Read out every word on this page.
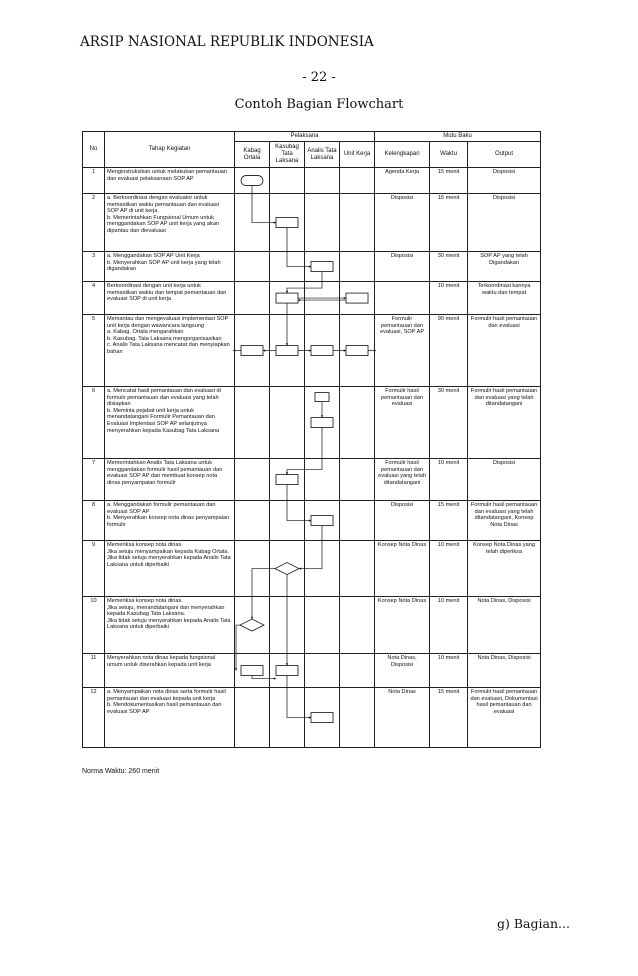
ARSIP NASIONAL REPUBLIK INDONESIA
- 22 -
Contoh Bagian Flowchart
No	Tahap Kegiatan	Pelaksana				Mutu Baku		
		Kabag Ortala	Kasubag Tata Laksana	Analis Tata Laksana	Unit Kerja	Kelengkapan	Waktu	Output
1	Menginstruksikan untuk melakukan pemantauan dan evaluasi pelaksanaan SOP AP					Agenda Kerja	15 menit	Disposisi
2	a. Berkoordinasi dengan evaluator untuk memastikan waktu pemantauan dan evaluasi SOP AP di unit kerja
b. Memerintahkan Fungsional Umum untuk menggandakan SOP AP unit kerja yang akan dipantau dan dievaluasi					Disposisi	15 menit	Disposisi
3	a. Menggandakan SOP AP Unit Kerja
b. Menyerahkan SOP AP unit kerja yang telah digandakan					Disposisi	30 menit	SOP AP yang telah Digandakan
4	Berkoordinasi dengan unit kerja untuk memastikan waktu dan tempat pemantauan dan evaluasi SOP di unit kerja						10 menit	Terkoordinasi kannya waktu dan tempat
5	Memantau dan mengevaluasi implementasi SOP unit kerja dengan wawancara langsung
a. Kabag. Ortala mengarahkan
b. Kasubag. Tata Laksana mengorganisasikan
c. Analis Tata Laksana mencatat dan menyiapkan bahan					Formulir pemantauan dan evaluasi, SOP AP	90 menit	Formulir hasil pemantauan dan evaluasi
6	a. Mencatat hasil pemantauan dan evaluasi di formulir pemantauan dan evaluasi yang telah disiapkan
b. Meminta pejabat unit kerja untuk menandatangani Formulir Pemantauan dan Evaluasi Implentasi SOP AP selanjutnya menyerahkan kepada Kasubag Tata Laksana					Formulir hasil pemantauan dan evaluasi	30 menit	Formulir hasil pemantauan dan evaluasi yang telah ditandatangani
7	Memerintahkan Analis Tata Laksana untuk menggandakan formulir hasil pemantauan dan evaluasi SOP AP dan membuat konsep nota dinas penyampaian formulir					Formulir hasil pemantauan dan evaluasi yang telah ditandatangani	10 menit	Disposisi
8	a. Menggandakan formulir pemantauan dan evaluasi SOP AP
b. Menyerahkan konsep nota dinas penyampaian formulir					Disposisi	15 menit	Formulir hasil pemantauan dan evaluasi yang telah ditandatangani, Konsep Nota Dinas
9	Memeriksa konsep nota dinas.
Jika setuju menyampaikan kepada Kabag Ortala.
Jika tidak setuju menyerahkan kepada Analis Tata Laksana untuk diperbaiki					Konsep Nota Dinas	10 menit	Konsep Nota Dinas yang telah diperiksa
10	Memeriksa konsep nota dinas.
Jika setuju, menandatangani dan menyerahkan kepada Kasubag Tata Laksana.
Jika tidak setuju menyerahkan kepada Analis Tata Laksana untuk diperbaiki					Konsep Nota Dinas	10 menit	Nota Dinas, Disposisi
11	Menyerahkan nota dinas kepada fungsional umum untuk diserahkan kepada unit kerja					Nota Dinas, Disposisi	10 menit	Nota Dinas, Disposisi
12	a. Menyampaikan nota dinas serta formulir hasil pemantauan dan evaluasi kepada unit kerja
b. Mendokumentasikan hasil pemantauan dan evaluasi SOP AP					Nota Dinas	15 menit	Formulir hasil pemantauan dan evaluasi, Dokumentasi hasil pemantauan dan evaluasi
Norma Waktu: 260 menit
g) Bagian...
